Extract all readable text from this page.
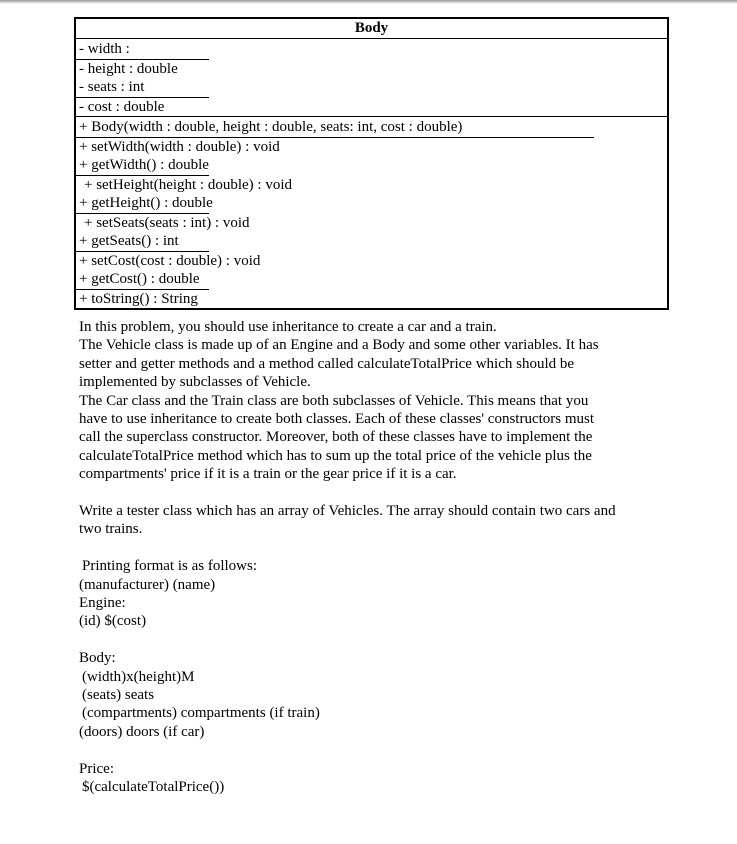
Body
- width :
- height : double
- seats : int
- cost : double
+ Body(width : double, height : double, seats: int, cost : double)
+ setWidth(width : double) : void
+ getWidth() : double
+ setHeight(height : double) : void
+ getHeight() : double
+ setSeats(seats : int) : void
+ getSeats() : int
+ setCost(cost : double) : void
+ getCost() : double
+ toString() : String

In this problem, you should use inheritance to create a car and a train.

The Vehicle class is made up of an Engine and a Body and some other variables. It has

setter and getter methods and a method called calculateTotalPrice which should be

implemented by subclasses of Vehicle.

The Car class and the Train class are both subclasses of Vehicle. This means that you

have to use inheritance to create both classes. Each of these classes' constructors must

call the superclass constructor. Moreover, both of these classes have to implement the

calculateTotalPrice method which has to sum up the total price of the vehicle plus the

compartments' price if it is a train or the gear price if it is a car.

Write a tester class which has an array of Vehicles. The array should contain two cars and

two trains.

Printing format is as follows:

(manufacturer) (name)

Engine:

(id) $(cost)

Body:

(width)x(height)M

(seats) seats

(compartments) compartments (if train)

(doors) doors (if car)

Price:

$(calculateTotalPrice())
